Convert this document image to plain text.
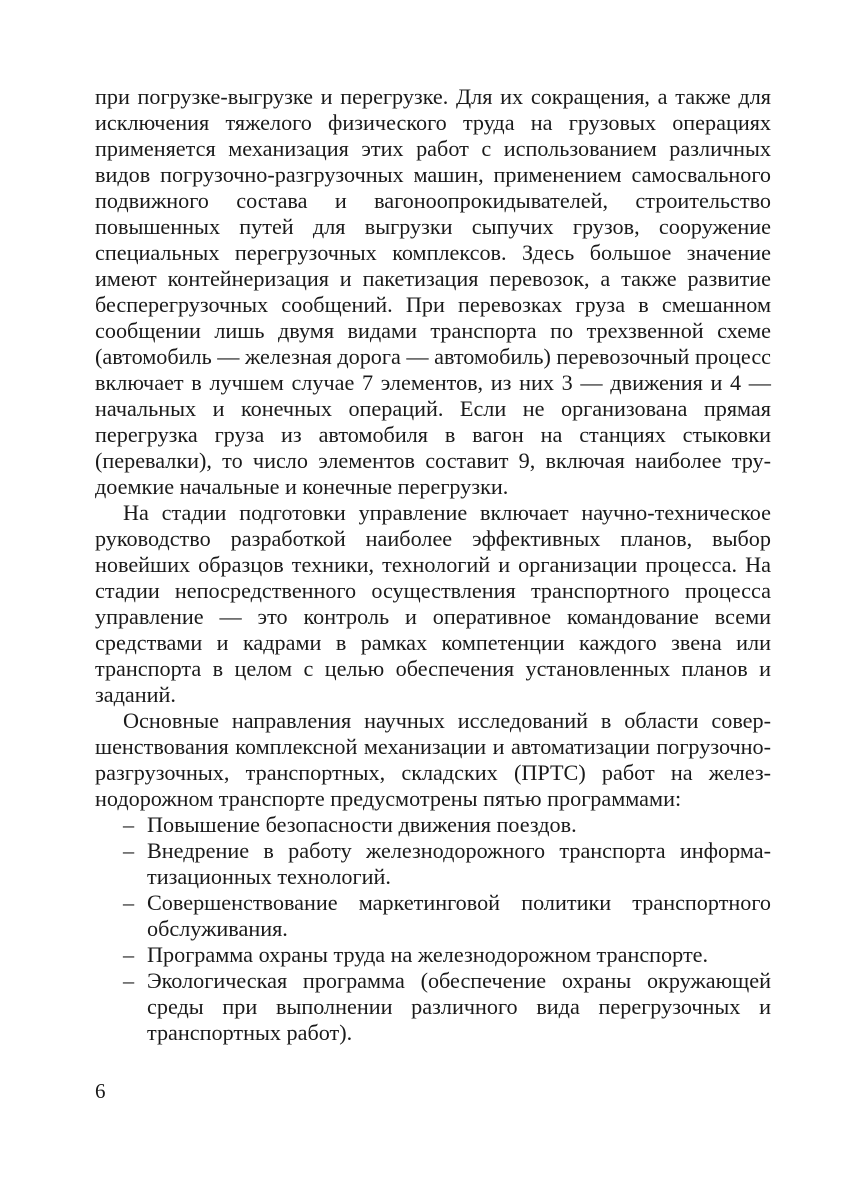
при погрузке-выгрузке и перегрузке. Для их сокращения, а также для исключения тяжелого физического труда на грузовых операциях применяется механизация этих работ с использованием различных видов погрузочно-разгрузочных машин, применением самосвального подвижного состава и вагоноопрокидывателей, строительство повышенных путей для выгрузки сыпучих грузов, сооружение специальных перегрузочных комплексов. Здесь большое значение имеют контейнеризация и пакетизация перевозок, а также развитие бесперегрузочных сообщений. При перевозках груза в смешанном сообщении лишь двумя видами транспорта по трехзвенной схеме (автомобиль — железная дорога — автомобиль) перевозочный процесс включает в лучшем случае 7 элементов, из них 3 — движения и 4 — начальных и конечных операций. Если не организована прямая перегрузка груза из автомобиля в вагон на станциях стыковки (перевалки), то число элементов составит 9, включая наиболее трудоемкие начальные и конечные перегрузки.

На стадии подготовки управление включает научно-техническое руководство разработкой наиболее эффективных планов, выбор новейших образцов техники, технологий и организации процесса. На стадии непосредственного осуществления транспортного процесса управление — это контроль и оперативное командование всеми средствами и кадрами в рамках компетенции каждого звена или транспорта в целом с целью обеспечения установленных планов и заданий.

Основные направления научных исследований в области совершенствования комплексной механизации и автоматизации погрузочно-разгрузочных, транспортных, складских (ПРТС) работ на железнодорожном транспорте предусмотрены пятью программами:

– Повышение безопасности движения поездов.
– Внедрение в работу железнодорожного транспорта информатизационных технологий.
– Совершенствование маркетинговой политики транспортного обслуживания.
– Программа охраны труда на железнодорожном транспорте.
– Экологическая программа (обеспечение охраны окружающей среды при выполнении различного вида перегрузочных и транспортных работ).
6
